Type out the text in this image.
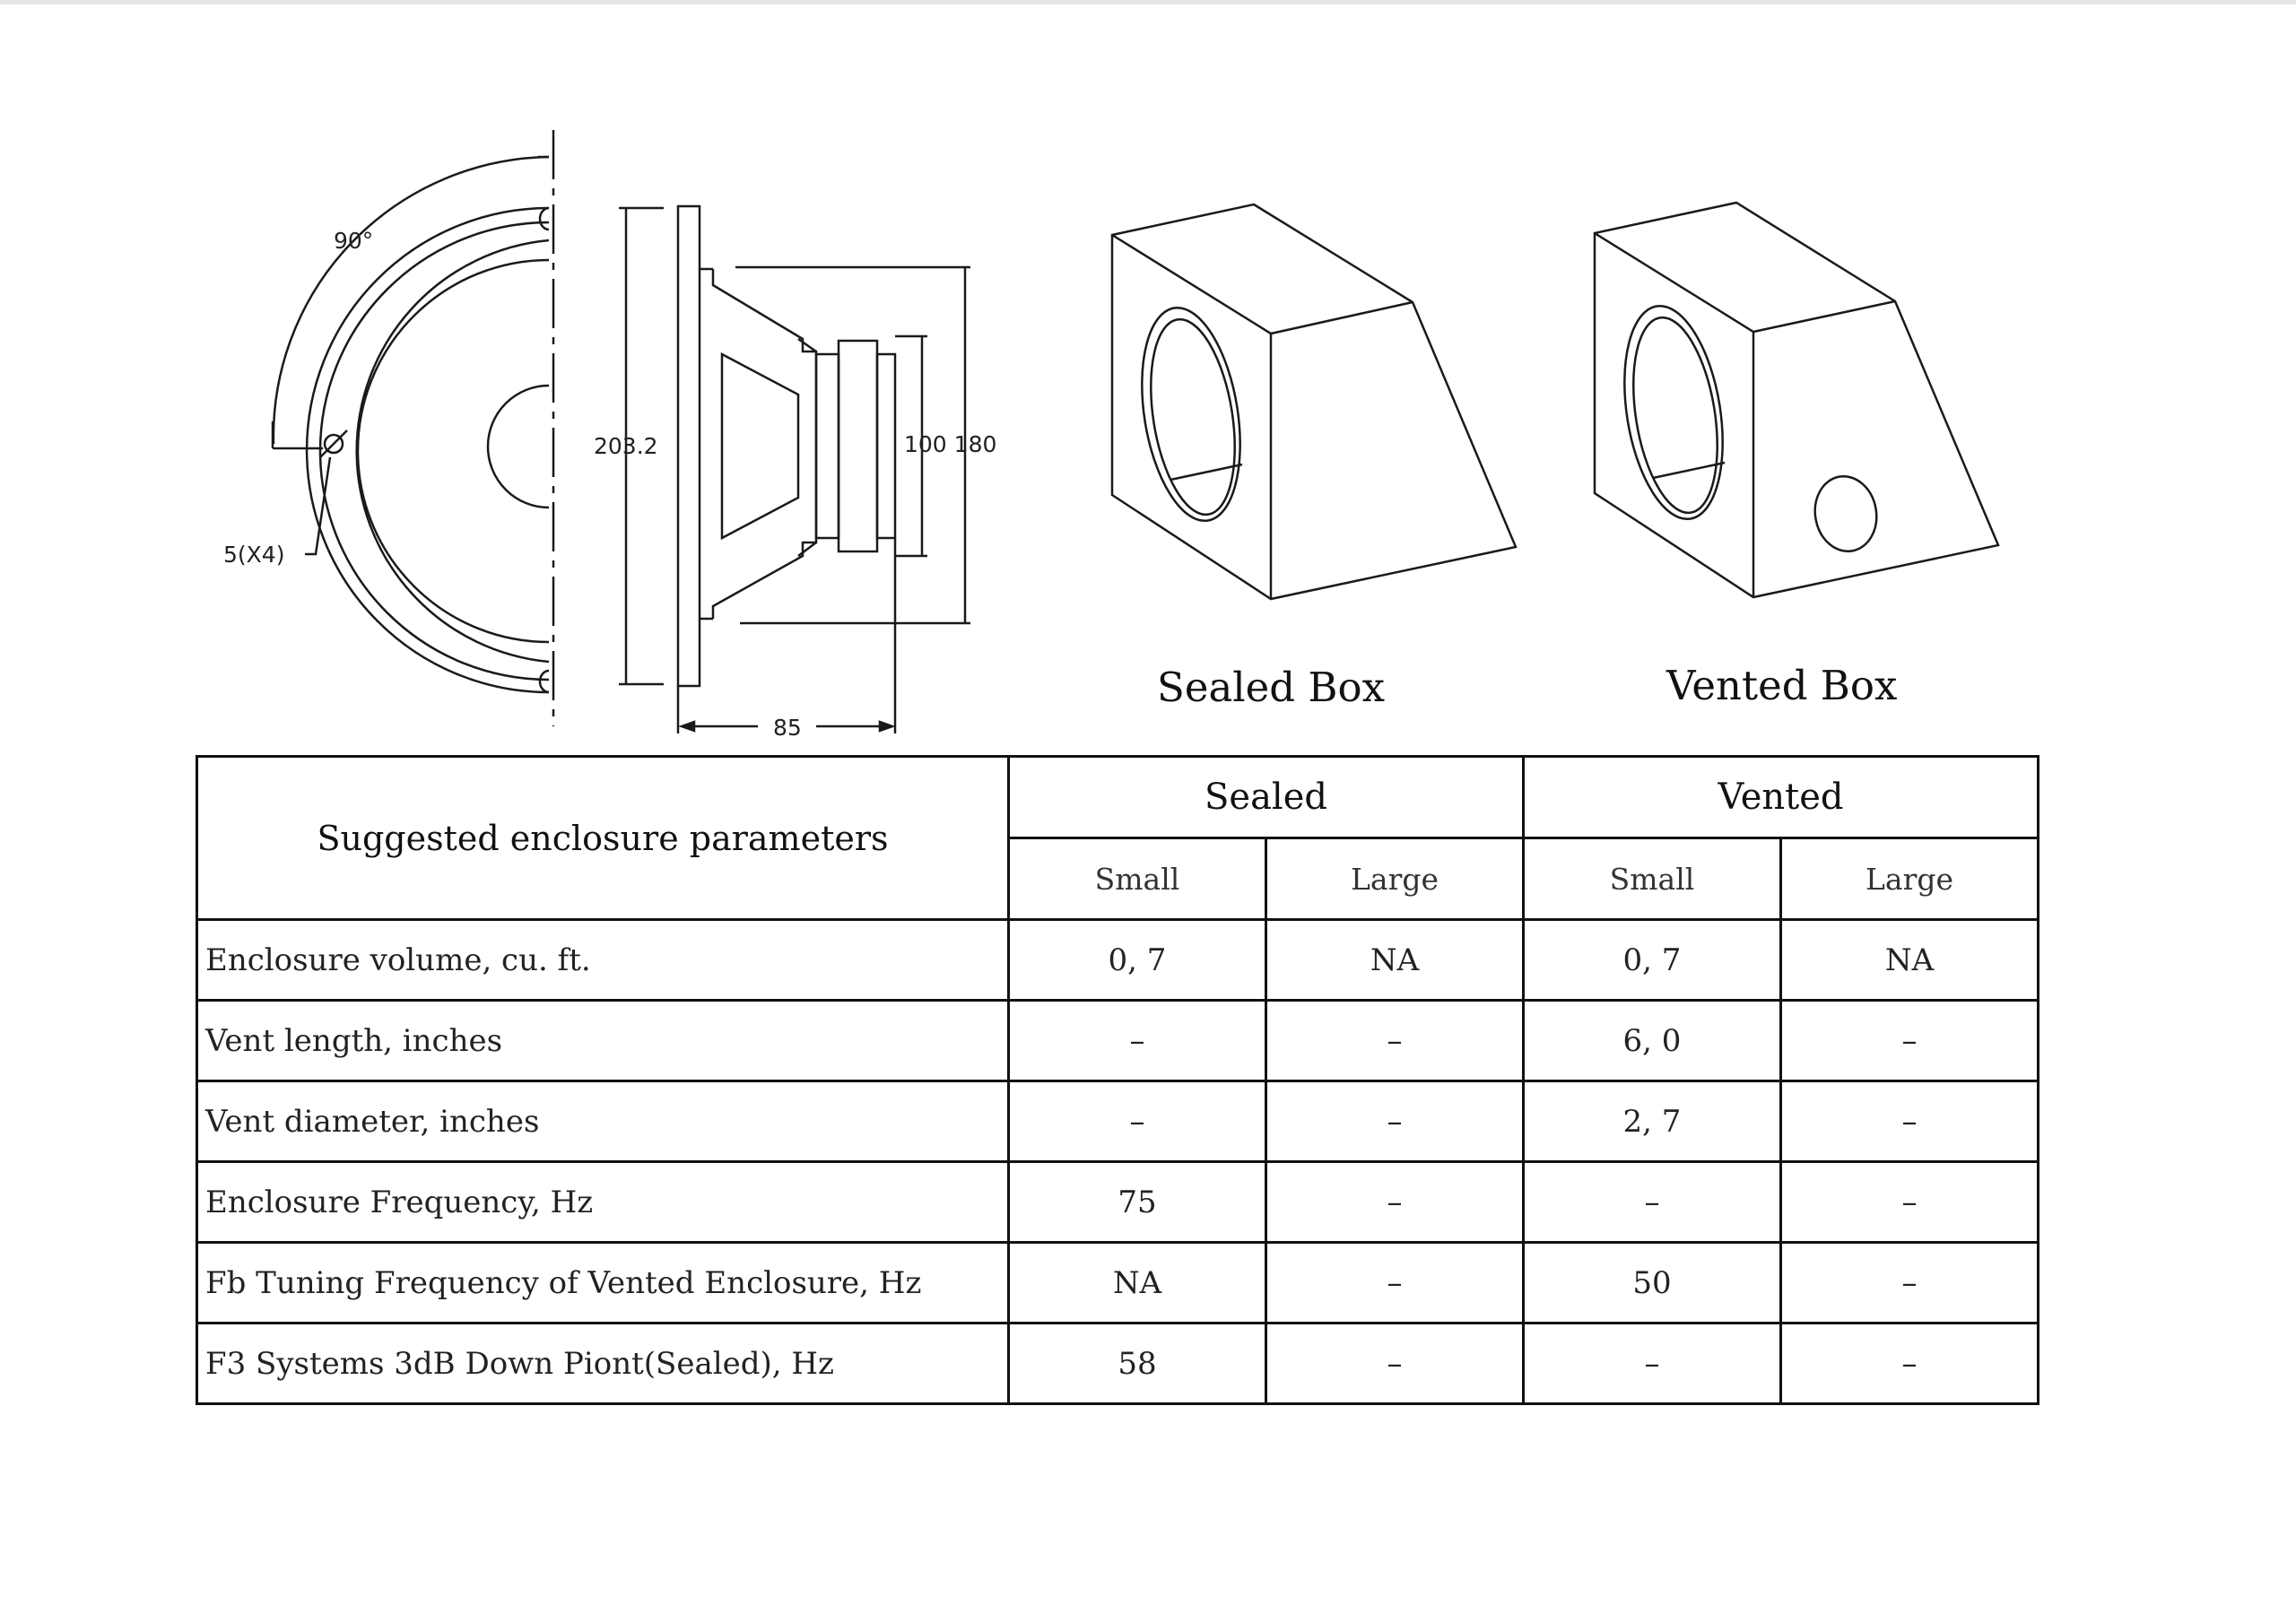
90°
5(X4)
203.2	100 180
85
Sealed Box	Vented Box
Suggested enclosure parameters	Sealed		Vented	
	Small	Large	Small	Large
Enclosure volume, cu. ft.	0, 7	NA	0, 7	NA
Vent length, inches	–	–	6, 0	–
Vent diameter, inches	–	–	2, 7	–
Enclosure Frequency, Hz	75	–	–	–
Fb Tuning Frequency of Vented Enclosure, Hz	NA	–	50	–
F3 Systems 3dB Down Piont(Sealed), Hz	58	–	–	–
